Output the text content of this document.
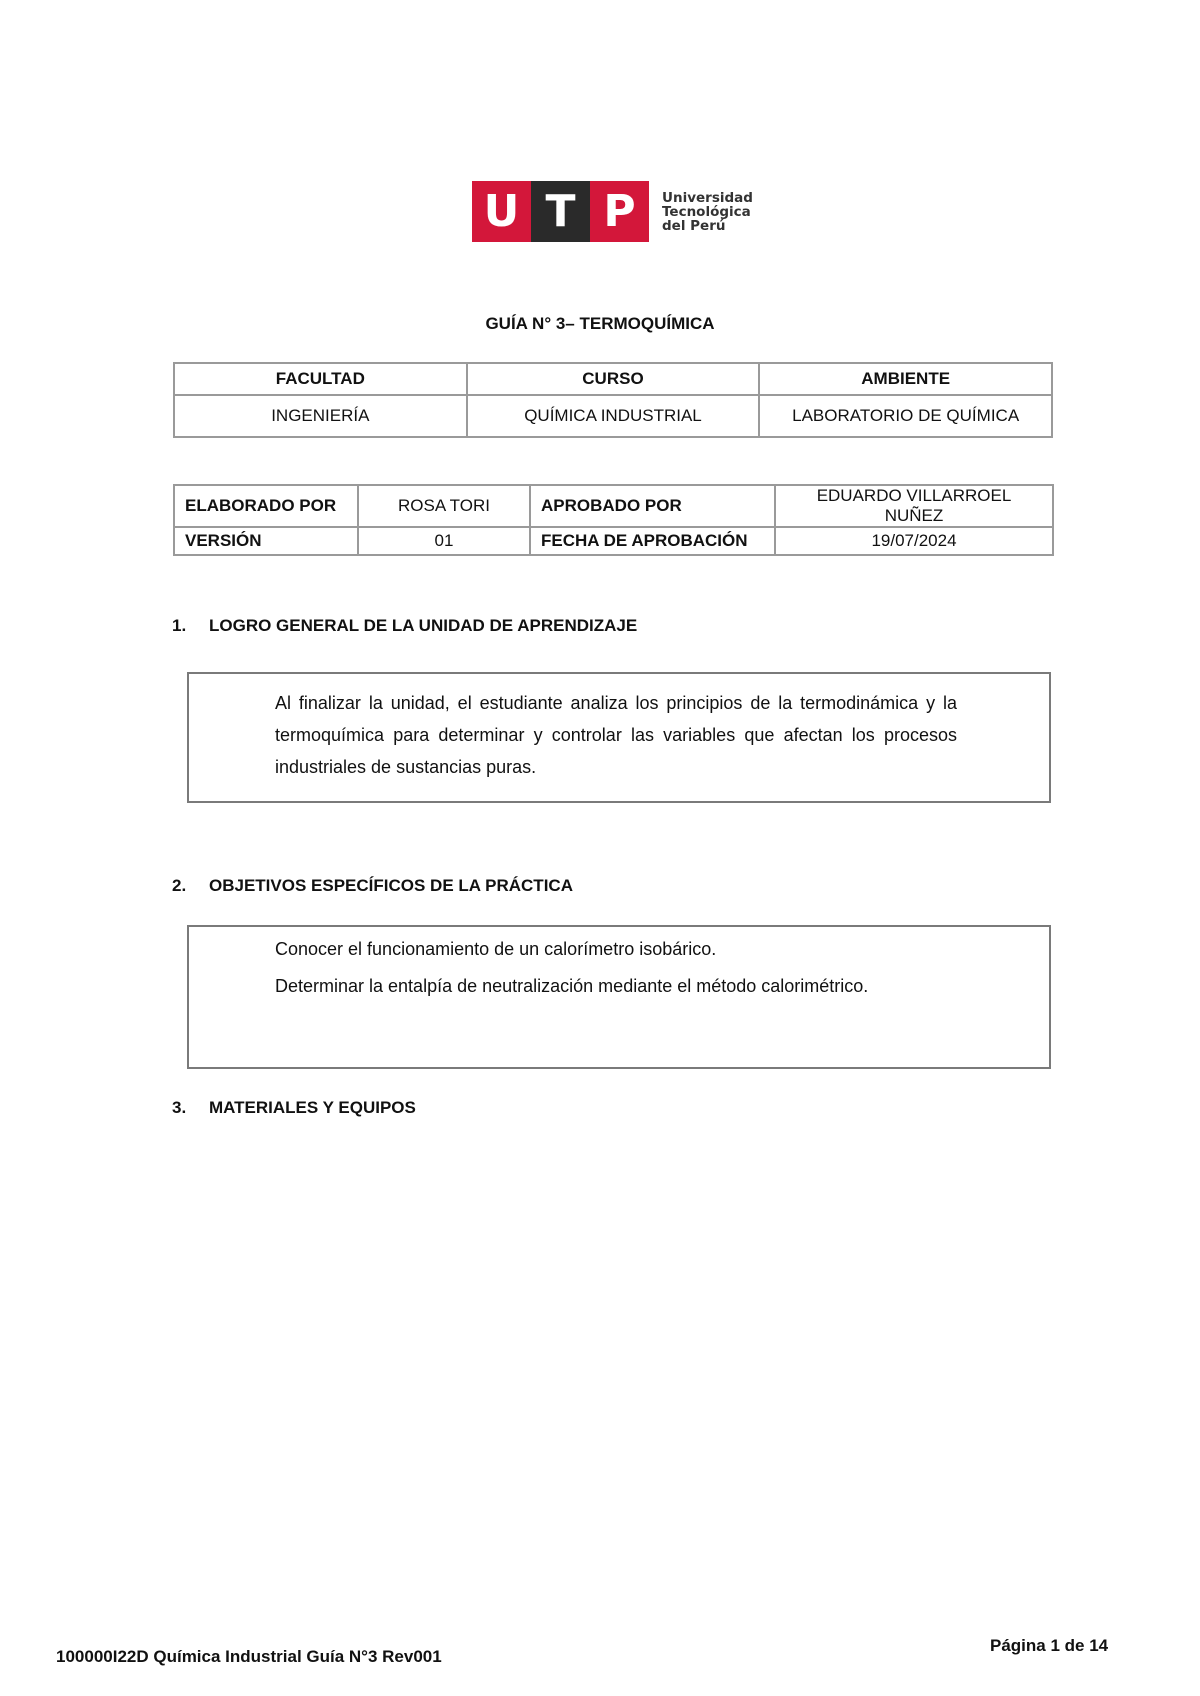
U T P	Universidad
Tecnológica
del Perú
GUÍA N° 3– TERMOQUÍMICA
FACULTAD	CURSO	AMBIENTE
INGENIERÍA	QUÍMICA INDUSTRIAL	LABORATORIO DE QUÍMICA
ELABORADO POR	ROSA TORI	APROBADO POR	EDUARDO VILLARROEL NUÑEZ
VERSIÓN	01	FECHA DE APROBACIÓN	19/07/2024
1. LOGRO GENERAL DE LA UNIDAD DE APRENDIZAJE

Al finalizar la unidad, el estudiante analiza los principios de la termodinámica y la termoquímica para determinar y controlar las variables que afectan los procesos industriales de sustancias puras.

2. OBJETIVOS ESPECÍFICOS DE LA PRÁCTICA
Conocer el funcionamiento de un calorímetro isobárico.
Determinar la entalpía de neutralización mediante el método calorimétrico.
3. MATERIALES Y EQUIPOS
100000I22D Química Industrial Guía N°3 Rev001
Página 1 de 14
